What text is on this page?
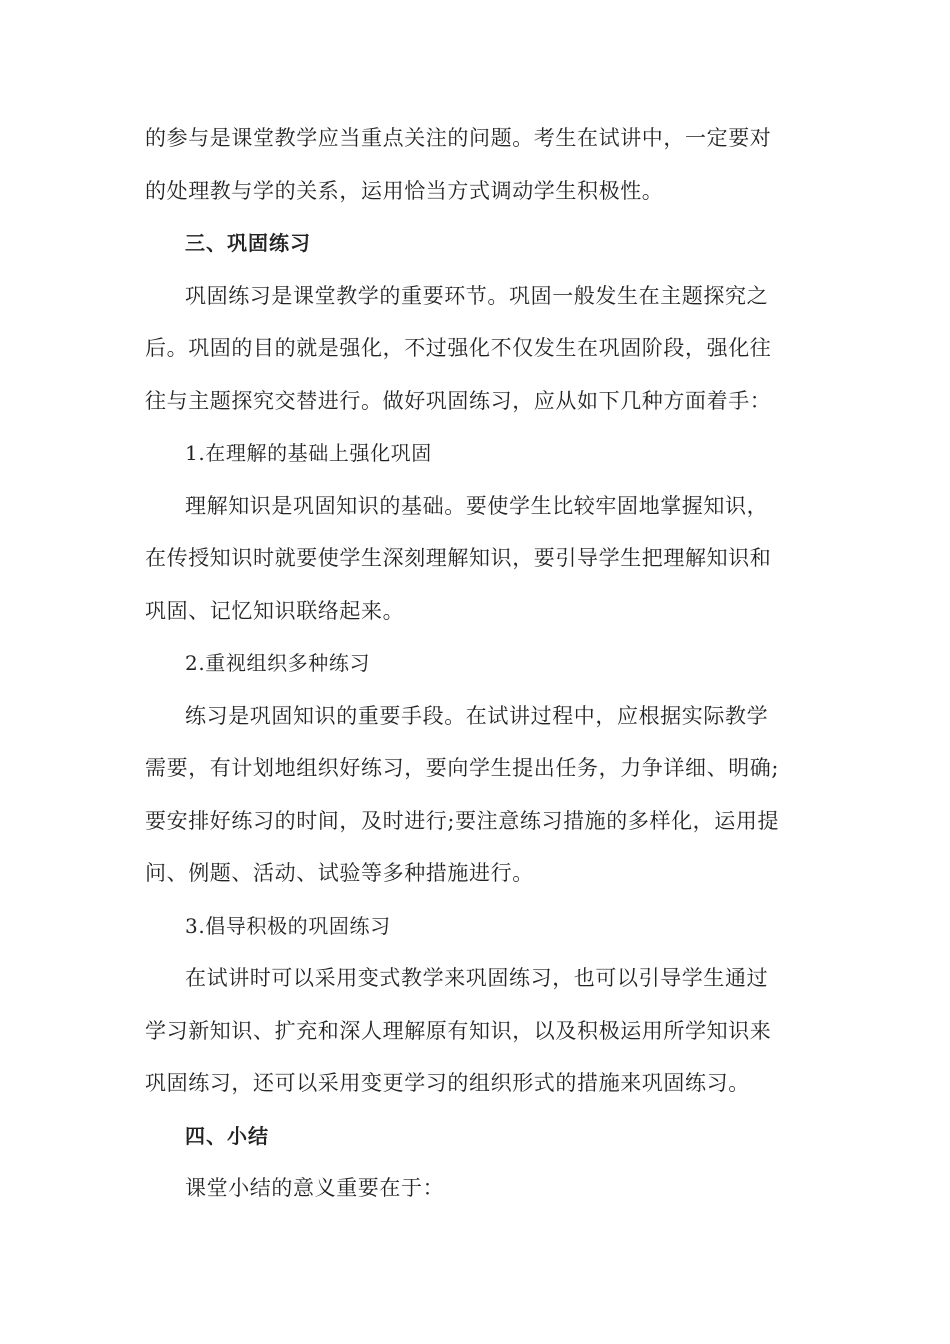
的参与是课堂教学应当重点关注的问题。考生在试讲中，一定要对
的处理教与学的关系，运用恰当方式调动学生积极性。
三、巩固练习
巩固练习是课堂教学的重要环节。巩固一般发生在主题探究之
后。巩固的目的就是强化，不过强化不仅发生在巩固阶段，强化往
往与主题探究交替进行。做好巩固练习，应从如下几种方面着手：
1.在理解的基础上强化巩固
理解知识是巩固知识的基础。要使学生比较牢固地掌握知识，
在传授知识时就要使学生深刻理解知识，要引导学生把理解知识和
巩固、记忆知识联络起来。
2.重视组织多种练习
练习是巩固知识的重要手段。在试讲过程中，应根据实际教学
需要，有计划地组织好练习，要向学生提出任务，力争详细、明确;
要安排好练习的时间，及时进行;要注意练习措施的多样化，运用提
问、例题、活动、试验等多种措施进行。
3.倡导积极的巩固练习
在试讲时可以采用变式教学来巩固练习，也可以引导学生通过
学习新知识、扩充和深人理解原有知识，以及积极运用所学知识来
巩固练习，还可以采用变更学习的组织形式的措施来巩固练习。
四、小结
课堂小结的意义重要在于：
